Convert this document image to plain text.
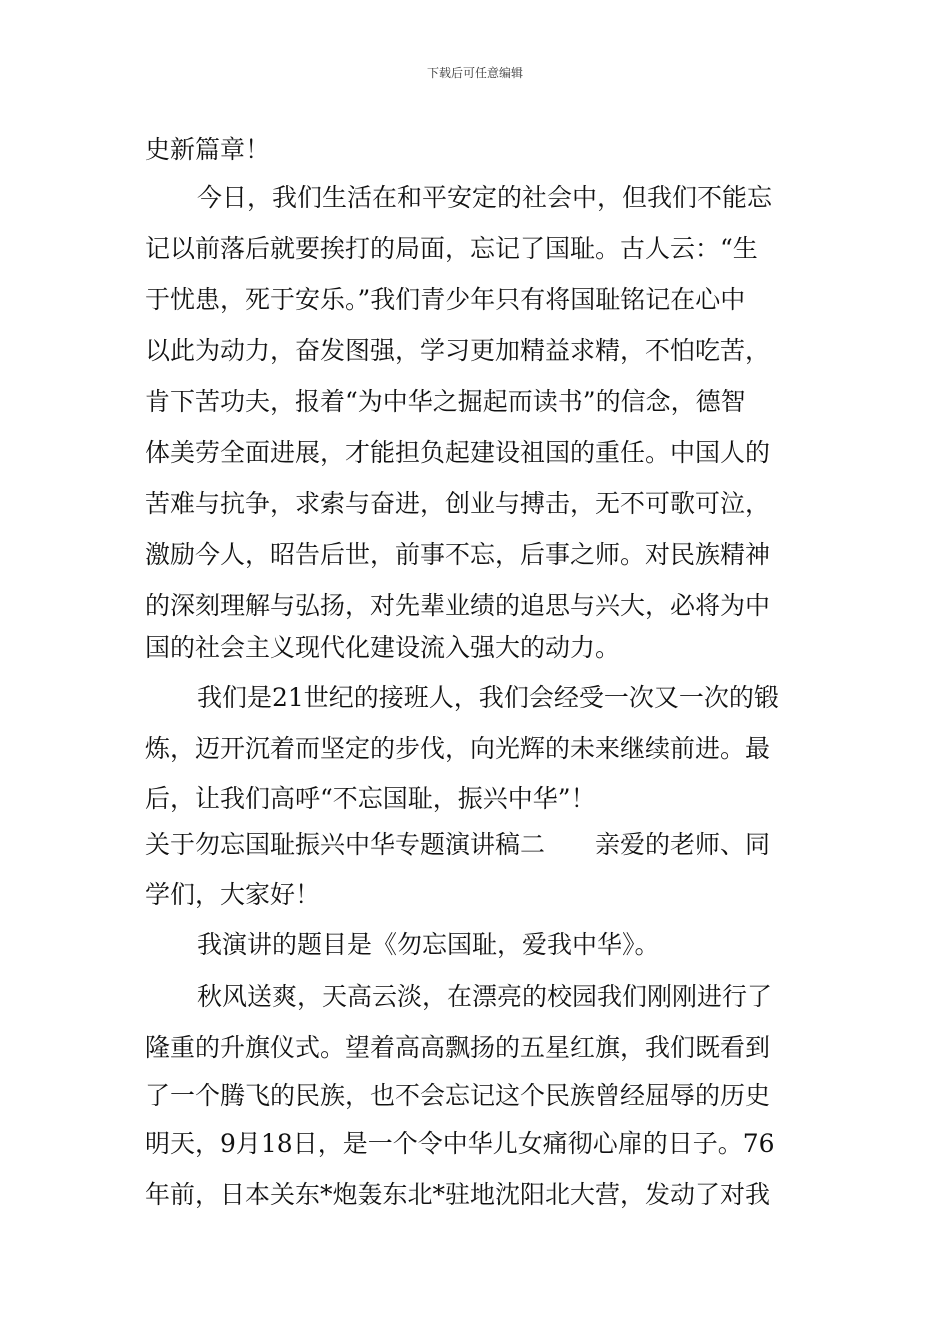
下载后可任意编辑
史新篇章！
今日，我们生活在和平安定的社会中，但我们不能忘
记以前落后就要挨打的局面，忘记了国耻。古人云：“生
于忧患，死于安乐。”我们青少年只有将国耻铭记在心中
以此为动力，奋发图强，学习更加精益求精，不怕吃苦，
肯下苦功夫，报着“为中华之掘起而读书”的信念，德智
体美劳全面进展，才能担负起建设祖国的重任。中国人的
苦难与抗争，求索与奋进，创业与搏击，无不可歌可泣，
激励今人，昭告后世，前事不忘，后事之师。对民族精神
的深刻理解与弘扬，对先辈业绩的追思与兴大，必将为中
国的社会主义现代化建设流入强大的动力。
我们是21世纪的接班人，我们会经受一次又一次的锻
炼，迈开沉着而坚定的步伐，向光辉的未来继续前进。最
后，让我们高呼“不忘国耻，振兴中华”！
关于勿忘国耻振兴中华专题演讲稿二　　亲爱的老师、同
学们，大家好！
我演讲的题目是《勿忘国耻，爱我中华》。
秋风送爽，天高云淡，在漂亮的校园我们刚刚进行了
隆重的升旗仪式。望着高高飘扬的五星红旗，我们既看到
了一个腾飞的民族，也不会忘记这个民族曾经屈辱的历史
明天，9月18日，是一个令中华儿女痛彻心扉的日子。76
年前，日本关东*炮轰东北*驻地沈阳北大营，发动了对我
